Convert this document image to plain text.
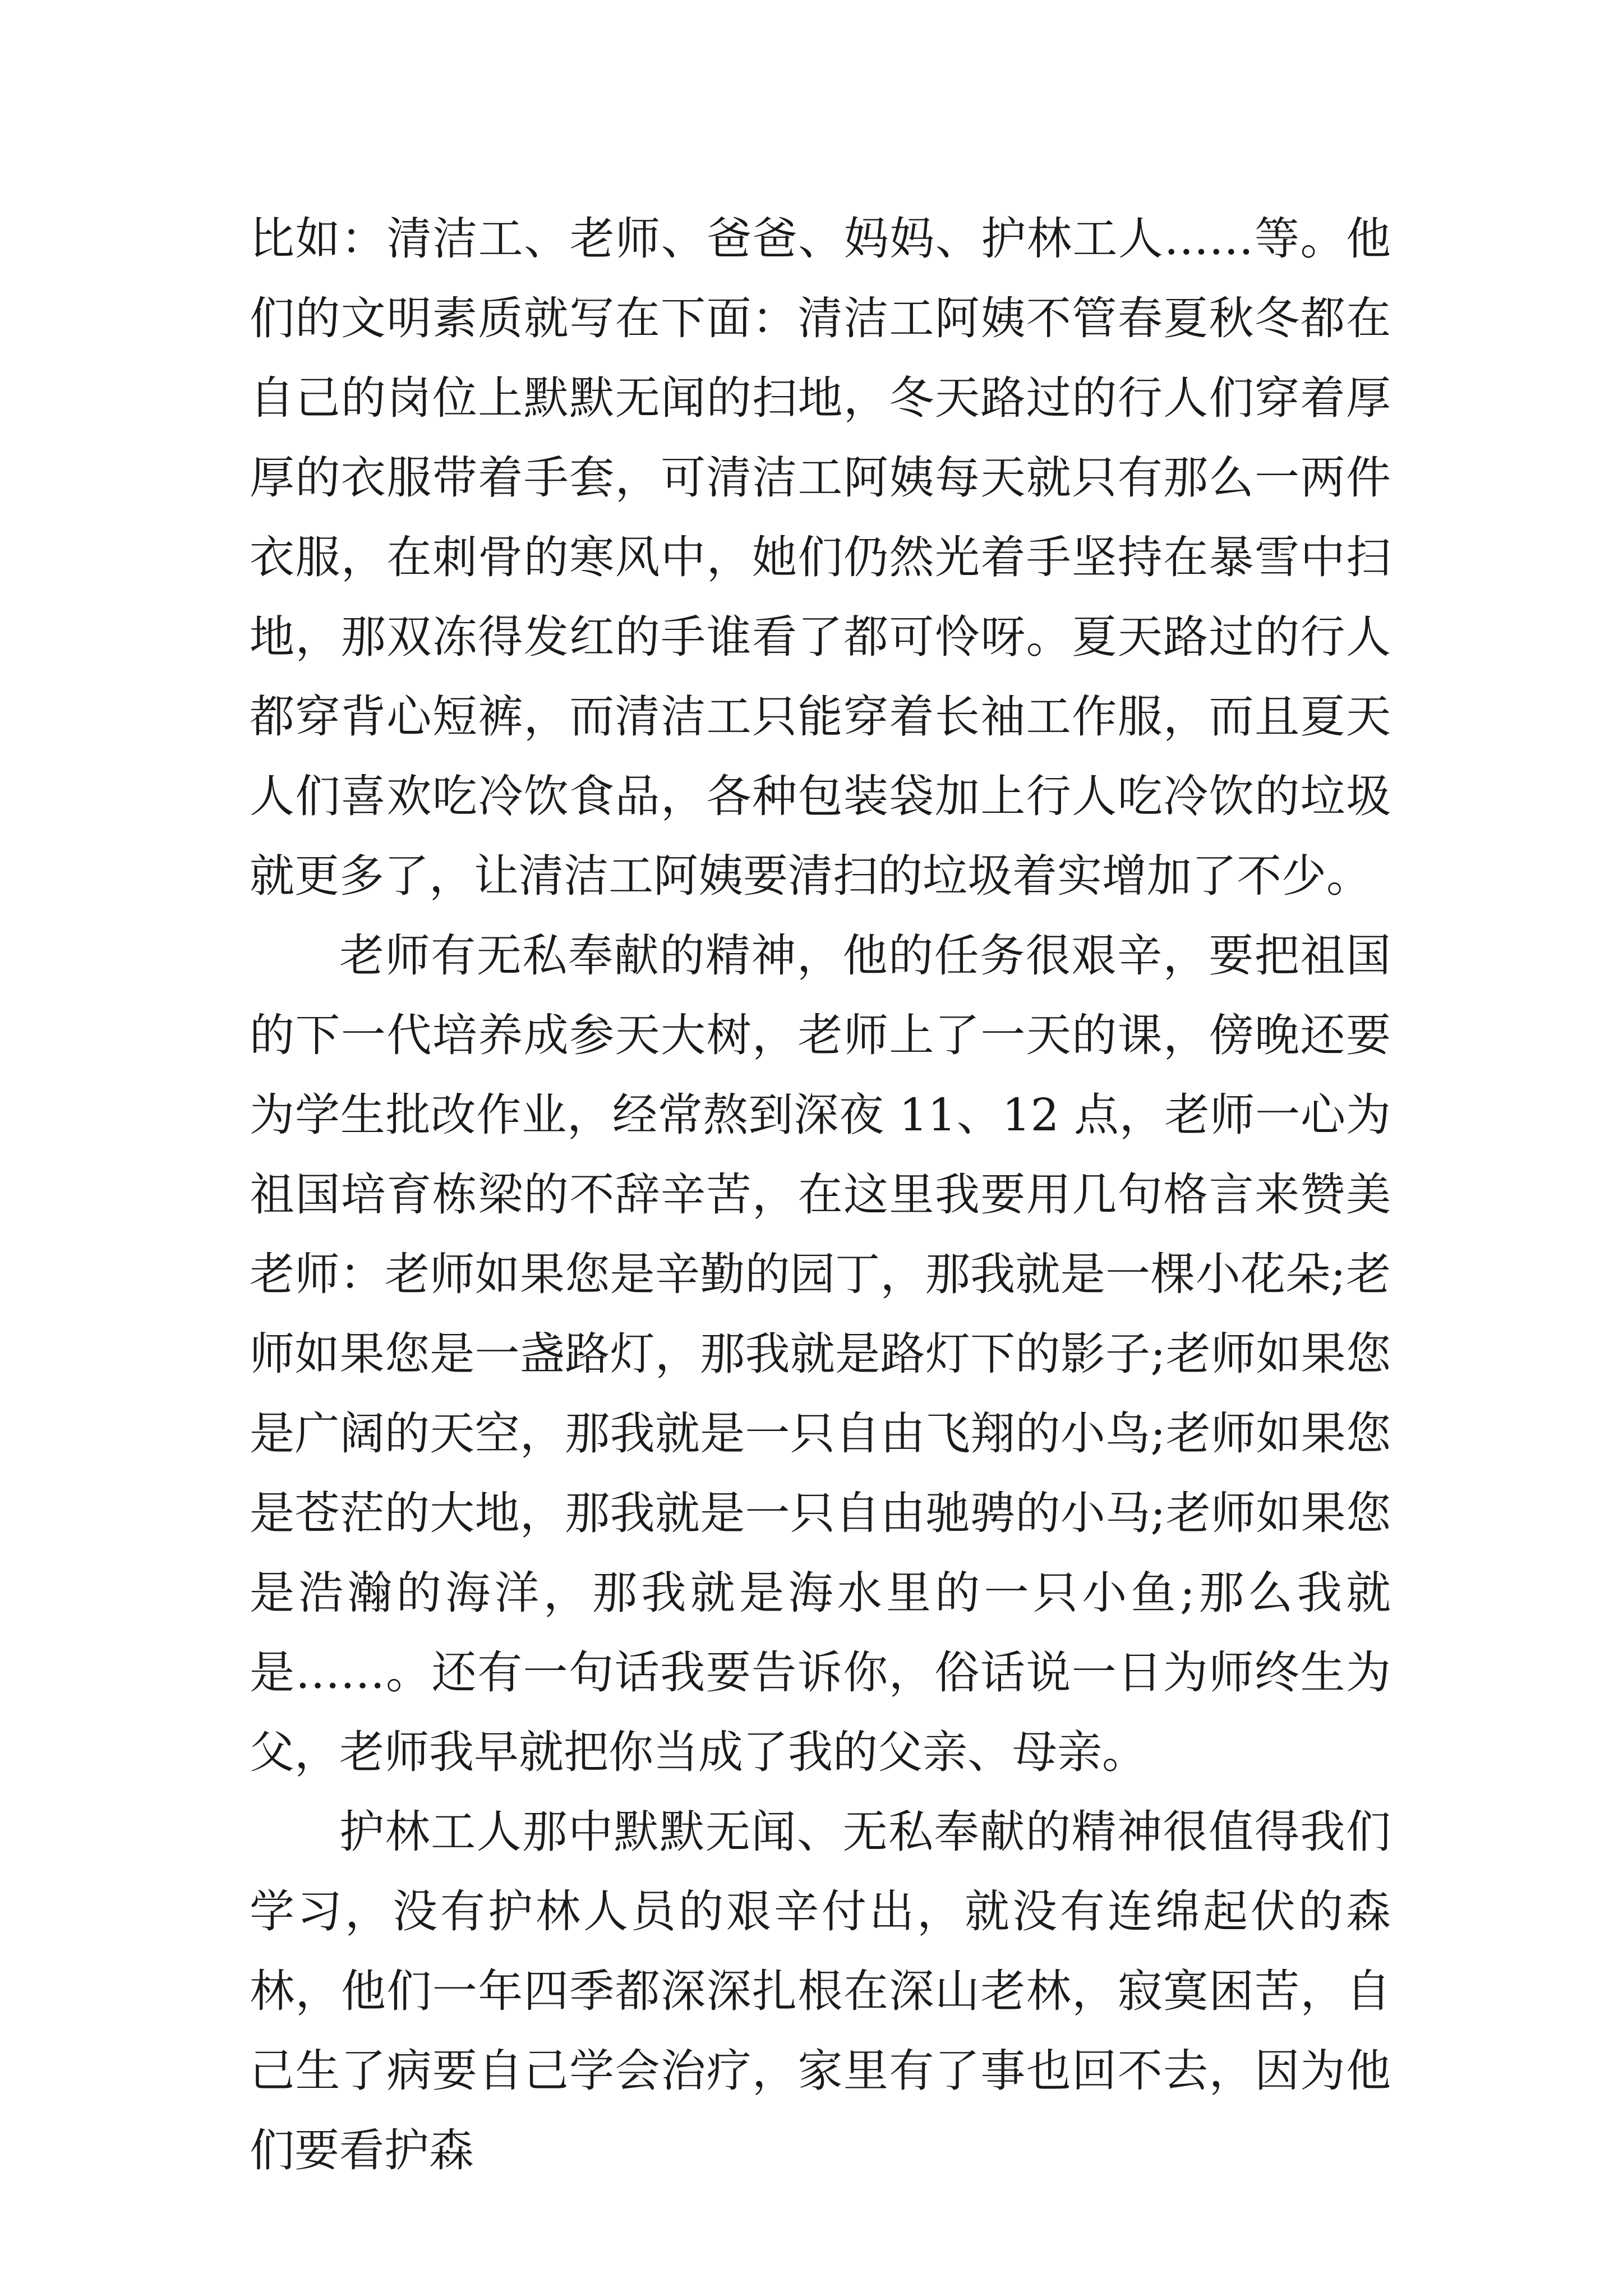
比如：清洁工、老师、爸爸、妈妈、护林工人……等。他们的文明素质就写在下面：清洁工阿姨不管春夏秋冬都在自己的岗位上默默无闻的扫地，冬天路过的行人们穿着厚厚的衣服带着手套，可清洁工阿姨每天就只有那么一两件衣服，在刺骨的寒风中，她们仍然光着手坚持在暴雪中扫地，那双冻得发红的手谁看了都可怜呀。夏天路过的行人都穿背心短裤，而清洁工只能穿着长袖工作服，而且夏天人们喜欢吃冷饮食品，各种包装袋加上行人吃冷饮的垃圾就更多了，让清洁工阿姨要清扫的垃圾着实增加了不少。

老师有无私奉献的精神，他的任务很艰辛，要把祖国的下一代培养成参天大树，老师上了一天的课，傍晚还要为学生批改作业，经常熬到深夜 11、12 点，老师一心为祖国培育栋梁的不辞辛苦，在这里我要用几句格言来赞美老师：老师如果您是辛勤的园丁，那我就是一棵小花朵;老师如果您是一盏路灯，那我就是路灯下的影子;老师如果您是广阔的天空，那我就是一只自由飞翔的小鸟;老师如果您是苍茫的大地，那我就是一只自由驰骋的小马;老师如果您是浩瀚的海洋，那我就是海水里的一只小鱼;那么我就是……。还有一句话我要告诉你，俗话说一日为师终生为父，老师我早就把你当成了我的父亲、母亲。

护林工人那中默默无闻、无私奉献的精神很值得我们学习，没有护林人员的艰辛付出，就没有连绵起伏的森林，他们一年四季都深深扎根在深山老林，寂寞困苦，自己生了病要自己学会治疗，家里有了事也回不去，因为他们要看护森
